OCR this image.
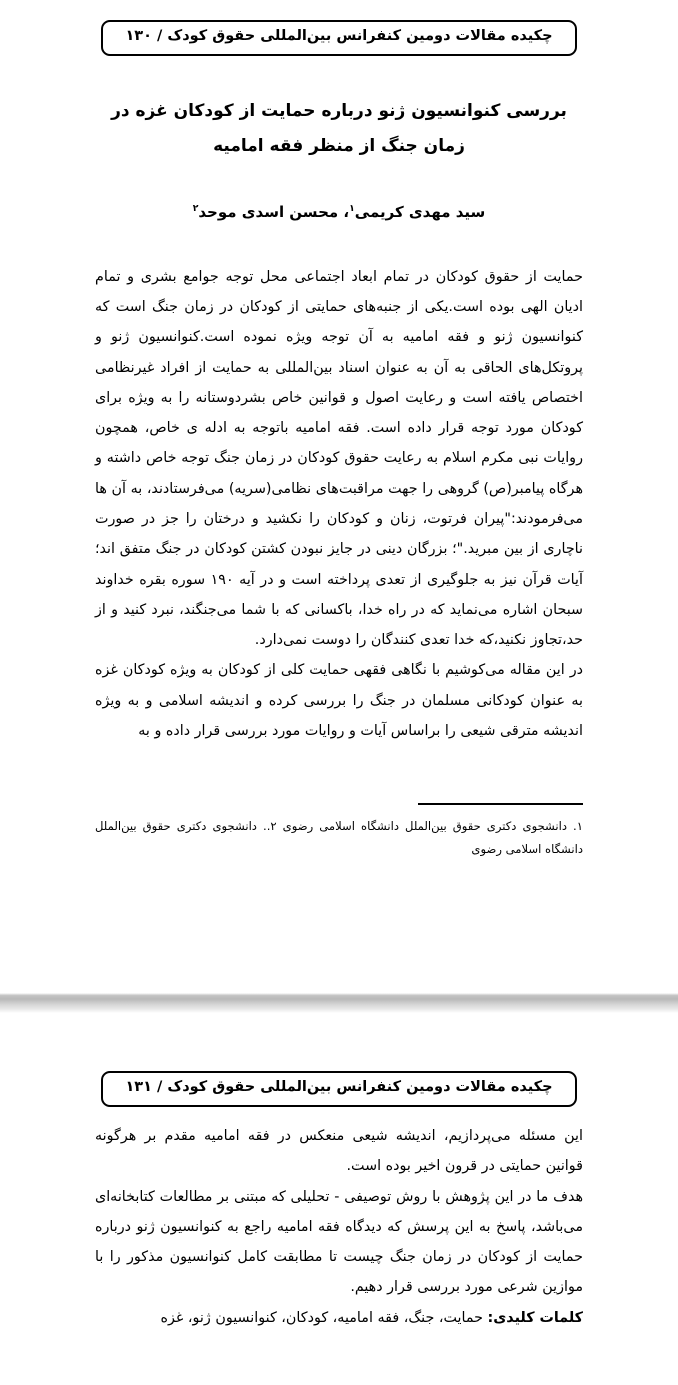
چکیده مقالات دومین کنفرانس بین‌المللی حقوق کودک / ۱۳۰
بررسی کنوانسیون ژنو درباره حمایت از کودکان غزه در زمان جنگ از منظر فقه امامیه
سید مهدی کریمی$^۱$، محسن اسدی موحد$^۲$

حمایت از حقوق کودکان در تمام ابعاد اجتماعی محل توجه جوامع بشری و تمام ادیان الهی بوده است.یکی از جنبه‌های حمایتی از کودکان در زمان جنگ است که کنوانسیون ژنو و فقه امامیه به آن توجه ویژه نموده است.کنوانسیون ژنو و پروتکل‌های الحاقی به آن به عنوان اسناد بین‌المللی به حمایت از افراد غیرنظامی اختصاص یافته است و رعایت اصول و قوانین خاص بشردوستانه را به ویژه برای کودکان مورد توجه قرار داده است. فقه امامیه باتوجه به ادله ی خاص، همچون روایات نبی مکرم اسلام به رعایت حقوق کودکان در زمان جنگ توجه خاص داشته و هرگاه پیامبر(ص) گروهی را جهت مراقبت‌های نظامی(سریه) می‌فرستادند، به آن ها می‌فرمودند:"پیران فرتوت، زنان و کودکان را نکشید و درختان را جز در صورت ناچاری از بین مبرید."؛ بزرگان دینی در جایز نبودن کشتن کودکان در جنگ متفق اند؛آیات قرآن نیز به جلوگیری از تعدی پرداخته است و در آیه ۱۹۰ سوره بقره خداوند سبحان اشاره می‌نماید که در راه خدا، باکسانی که با شما می‌جنگند، نبرد کنید و از حد،تجاوز نکنید،که خدا تعدی کنندگان را دوست نمی‌دارد.

در این مقاله می‌کوشیم با نگاهی فقهی حمایت کلی از کودکان به ویژه کودکان غزه به عنوان کودکانی مسلمان در جنگ را بررسی کرده و اندیشه اسلامی و به ویژه اندیشه مترقی شیعی را براساس آیات و روایات مورد بررسی قرار داده و به

۱. دانشجوی دکتری حقوق بین‌الملل دانشگاه اسلامی رضوی ۲.. دانشجوی دکتری حقوق بین‌الملل دانشگاه اسلامی رضوی

چکیده مقالات دومین کنفرانس بین‌المللی حقوق کودک / ۱۳۱

این مسئله می‌پردازیم، اندیشه شیعی منعکس در فقه امامیه مقدم بر هرگونه قوانین حمایتی در قرون اخیر بوده است.

هدف ما در این پژوهش با روش توصیفی - تحلیلی که مبتنی بر مطالعات کتابخانه‌ای می‌باشد، پاسخ به این پرسش که دیدگاه فقه امامیه راجع به کنوانسیون ژنو درباره حمایت از کودکان در زمان جنگ چیست تا مطابقت کامل کنوانسیون مذکور را با موازین شرعی مورد بررسی قرار دهیم.

کلمات کلیدی: حمایت، جنگ، فقه امامیه، کودکان، کنوانسیون ژنو، غزه
